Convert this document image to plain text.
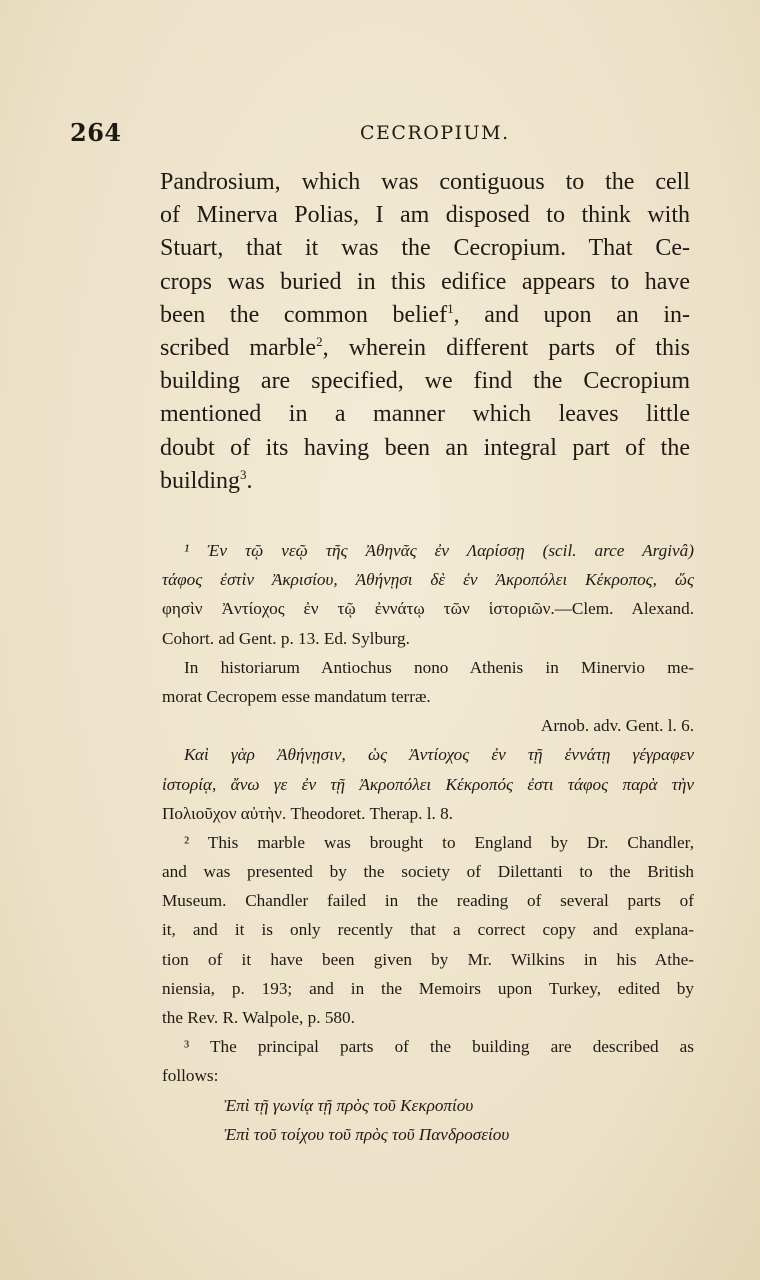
264	CECROPIUM.
Pandrosium, which was contiguous to the cell
of Minerva Polias, I am disposed to think with
Stuart, that it was the Cecropium. That Ce-
crops was buried in this edifice appears to have
been the common belief$^1$, and upon an in-
scribed marble$^2$, wherein different parts of this
building are specified, we find the Cecropium
mentioned in a manner which leaves little
doubt of its having been an integral part of the
building$^3$.
¹ Ἐν τῷ νεῷ τῆς Ἀθηνᾶς ἐν Λαρίσσῃ (scil. arce Argivâ)
τάφος ἐστὶν Ἀκρισίου, Ἀθήνῃσι δὲ ἐν Ἀκροπόλει Κέκροπος, ὥς
φησὶν Ἀντίοχος ἐν τῷ ἐννάτῳ τῶν ἱστοριῶν.—Clem. Alexand.
Cohort. ad Gent. p. 13. Ed. Sylburg.
In historiarum Antiochus nono Athenis in Minervio me-
morat Cecropem esse mandatum terræ.
Arnob. adv. Gent. l. 6.
Καὶ γὰρ Ἀθήνῃσιν, ὡς Ἀντίοχος ἐν τῇ ἐννάτῃ γέγραφεν
ἱστορίᾳ, ἄνω γε ἐν τῇ Ἀκροπόλει Κέκροπός ἐστι τάφος παρὰ τὴν
Πολιοῦχον αὐτὴν. Theodoret. Therap. l. 8.
² This marble was brought to England by Dr. Chandler,
and was presented by the society of Dilettanti to the British
Museum. Chandler failed in the reading of several parts of
it, and it is only recently that a correct copy and explana-
tion of it have been given by Mr. Wilkins in his Athe-
niensia, p. 193; and in the Memoirs upon Turkey, edited by
the Rev. R. Walpole, p. 580.
³ The principal parts of the building are described as
follows:
Ἐπὶ τῇ γωνίᾳ τῇ πρὸς τοῦ Κεκροπίου
Ἐπὶ τοῦ τοίχου τοῦ πρὸς τοῦ Πανδροσείου
